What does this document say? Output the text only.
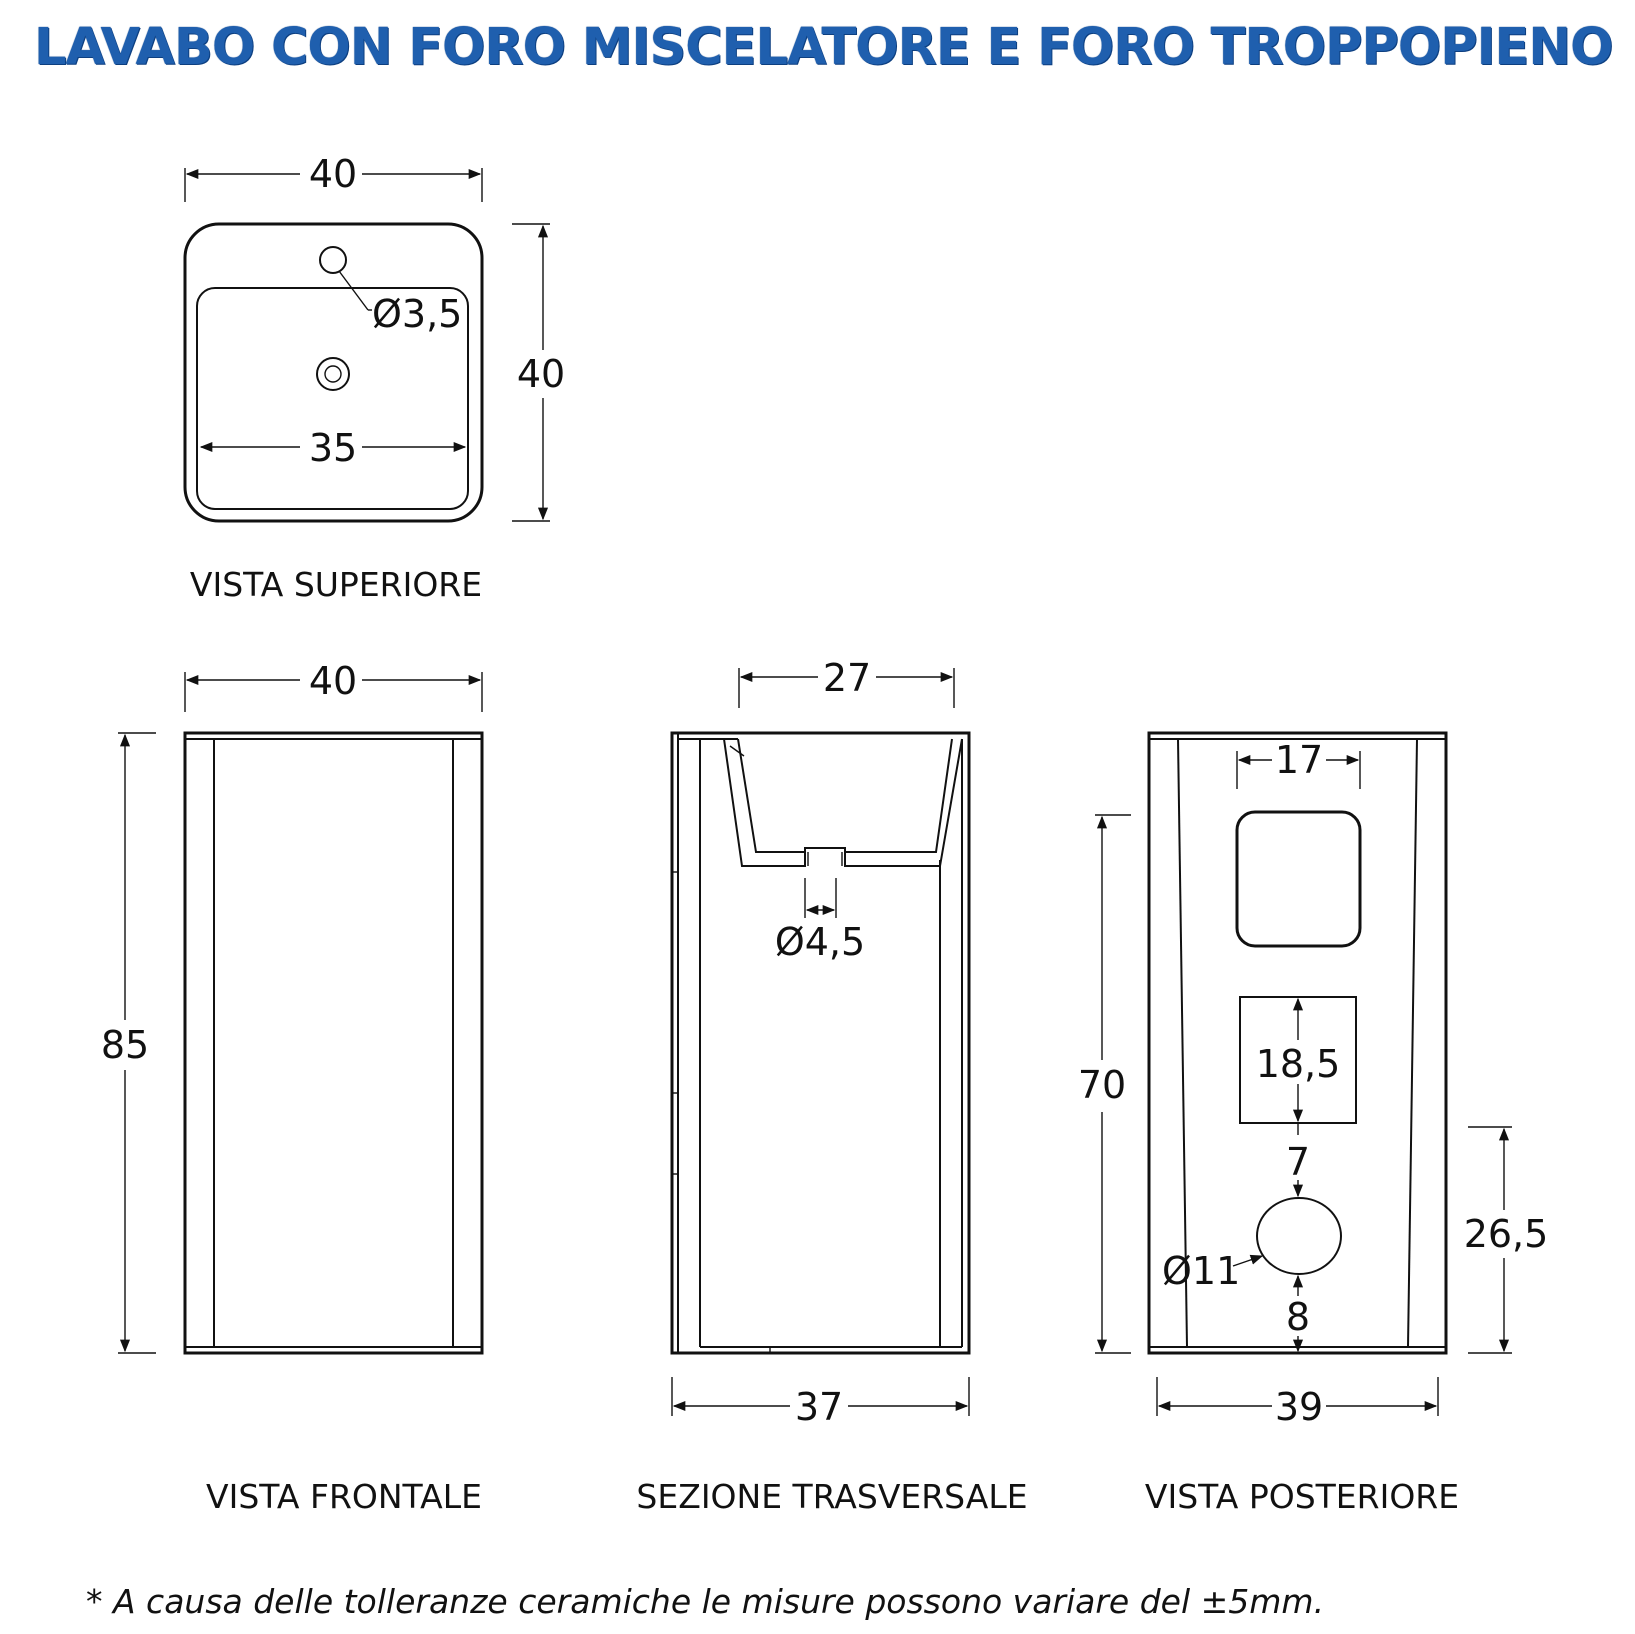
LAVABO CON FORO MISCELATORE E FORO TROPPOPIENO
40
Ø3,5
35
40
VISTA SUPERIORE
40
85
VISTA FRONTALE
27
Ø4,5
37
SEZIONE TRASVERSALE
17
18,5
7
Ø11
8
70
26,5
39
VISTA POSTERIORE
* A causa delle tolleranze ceramiche le misure possono variare del ±5mm.
